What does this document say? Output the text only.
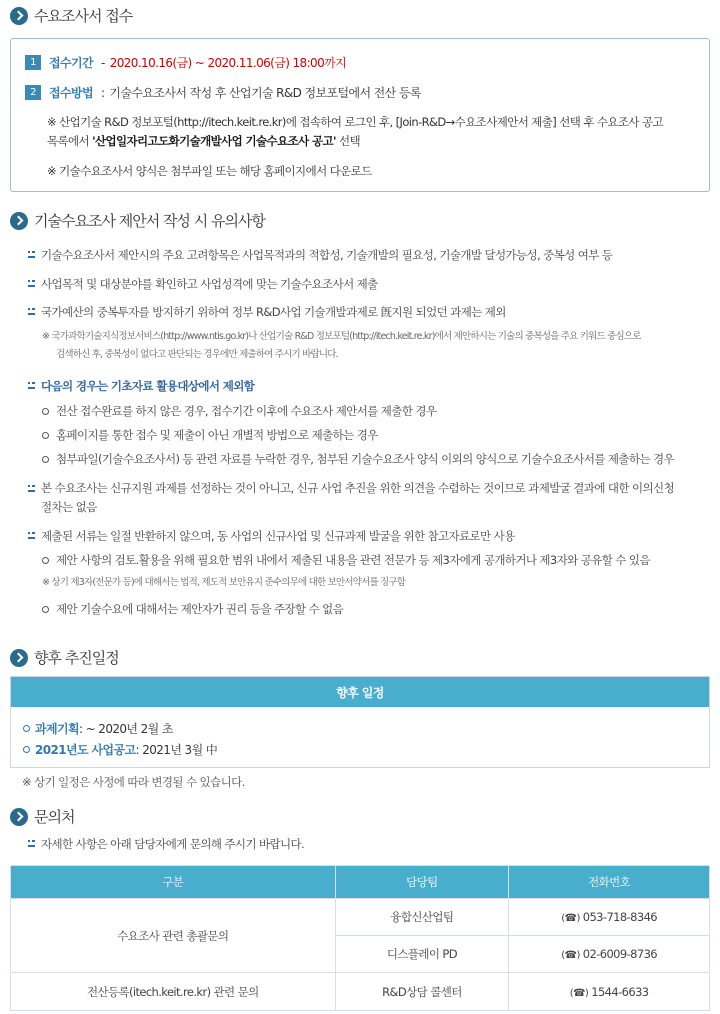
수요조사서 접수
1	접수기간 - 2020.10.16(금) ~ 2020.11.06(금) 18:00까지
2	접수방법 : 기술수요조사서 작성 후 산업기술 R&D 정보포털에서 전산 등록
※ 산업기술 R&D 정보포털(http://itech.keit.re.kr)에 접속하여 로그인 후, [Join-R&D→수요조사제안서 제출] 선택 후 수요조사 공고
목록에서 '산업일자리고도화기술개발사업 기술수요조사 공고' 선택
※ 기술수요조사서 양식은 첨부파일 또는 해당 홈페이지에서 다운로드
기술수요조사 제안서 작성 시 유의사항
기술수요조사서 제안시의 주요 고려항목은 사업목적과의 적합성, 기술개발의 필요성, 기술개발 달성가능성, 중복성 여부 등
사업목적 및 대상분야를 확인하고 사업성격에 맞는 기술수요조사서 제출
국가예산의 중복투자를 방지하기 위하여 정부 R&D사업 기술개발과제로 旣지원 되었던 과제는 제외
※ 국가과학기술지식정보서비스(http://www.ntis.go.kr)나 산업기술 R&D 정보포털(http://itech.keit.re.kr)에서 제안하시는 기술의 중복성을 주요 키워드 중심으로
검색하신 후, 중복성이 없다고 판단되는 경우에만 제출하여 주시기 바랍니다.
다음의 경우는 기초자료 활용대상에서 제외함
전산 접수완료를 하지 않은 경우, 접수기간 이후에 수요조사 제안서를 제출한 경우
홈페이지를 통한 접수 및 제출이 아닌 개별적 방법으로 제출하는 경우
첨부파일(기술수요조사서) 등 관련 자료를 누락한 경우, 첨부된 기술수요조사 양식 이외의 양식으로 기술수요조사서를 제출하는 경우
본 수요조사는 신규지원 과제를 선정하는 것이 아니고, 신규 사업 추진을 위한 의견을 수렴하는 것이므로 과제발굴 결과에 대한 이의신청
절차는 없음
제출된 서류는 일절 반환하지 않으며, 동 사업의 신규사업 및 신규과제 발굴을 위한 참고자료로만 사용
제안 사항의 검토.활용을 위해 필요한 범위 내에서 제출된 내용을 관련 전문가 등 제3자에게 공개하거나 제3자와 공유할 수 있음
※ 상기 제3자(전문가 등)에 대해서는 법적, 제도적 보안유지 준수의무에 대한 보안서약서를 징구함
제안 기술수요에 대해서는 제안자가 권리 등을 주장할 수 없음
향후 추진일정
향후 일정
과제기획 : ~ 2020년 2월 초
2021년도 사업공고 : 2021년 3월 中
※ 상기 일정은 사정에 따라 변경될 수 있습니다.
문의처
자세한 사항은 아래 담당자에게 문의해 주시기 바랍니다.
구분	담당팀	전화번호
수요조사 관련 총괄문의	융합신산업팀	(☎) 053-718-8346
	디스플레이 PD	(☎) 02-6009-8736
전산등록(itech.keit.re.kr) 관련 문의	R&D상담 콜센터	(☎) 1544-6633
